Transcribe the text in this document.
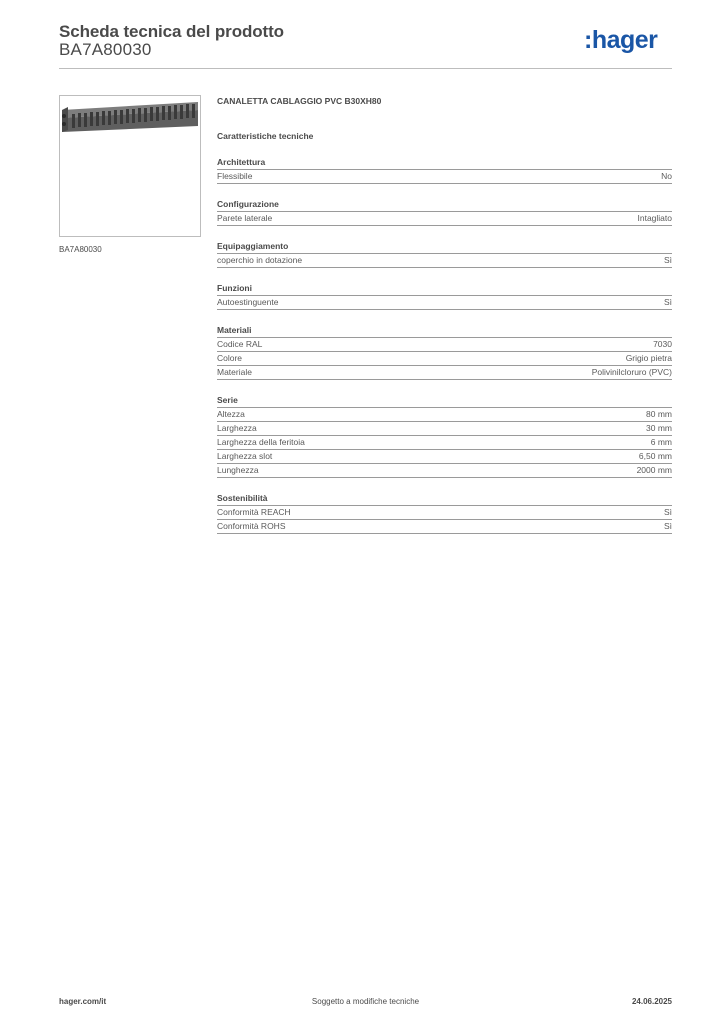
Scheda tecnica del prodotto
BA7A80030	:hager
BA7A80030
CANALETTA CABLAGGIO PVC B30XH80
Caratteristiche tecniche
Architettura
Flessibile	No
Configurazione
Parete laterale	Intagliato
Equipaggiamento
coperchio in dotazione	Sì
Funzioni
Autoestinguente	Sì
Materiali
Codice RAL	7030
Colore	Grigio pietra
Materiale	Polivinilcloruro (PVC)
Serie
Altezza	80 mm
Larghezza	30 mm
Larghezza della feritoia	6 mm
Larghezza slot	6,50 mm
Lunghezza	2000 mm
Sostenibilità
Conformità REACH	Sì
Conformità ROHS	Sì
hager.com/it	Soggetto a modifiche tecniche	24.06.2025
